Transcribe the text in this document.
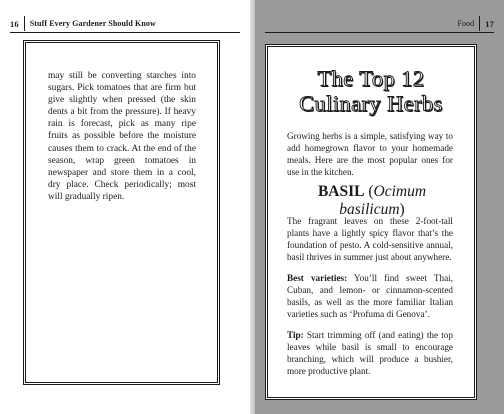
16 Stuff Every Gardener Should Know

may still be converting starches into sugars. Pick tomatoes that are firm but give slightly when pressed (the skin dents a bit from the pressure). If heavy rain is forecast, pick as many ripe fruits as possible before the moisture causes them to crack. At the end of the season, wrap green tomatoes in newspaper and store them in a cool, dry place. Check periodically; most will gradually ripen.

Food 17
The Top 12
Culinary Herbs

Growing herbs is a simple, satisfying way to add homegrown flavor to your homemade meals. Here are the most popular ones for use in the kitchen.

BASIL (Ocimum basilicum)

The fragrant leaves on these 2-foot-tall plants have a lightly spicy flavor that’s the foundation of pesto. A cold-sensitive annual, basil thrives in summer just about anywhere.

Best varieties: You’ll find sweet Thai, Cuban, and lemon- or cinnamon-scented basils, as well as the more familiar Italian varieties such as ‘Profuma di Genova’.

Tip: Start trimming off (and eating) the top leaves while basil is small to encourage branching, which will produce a bushier, more productive plant.
